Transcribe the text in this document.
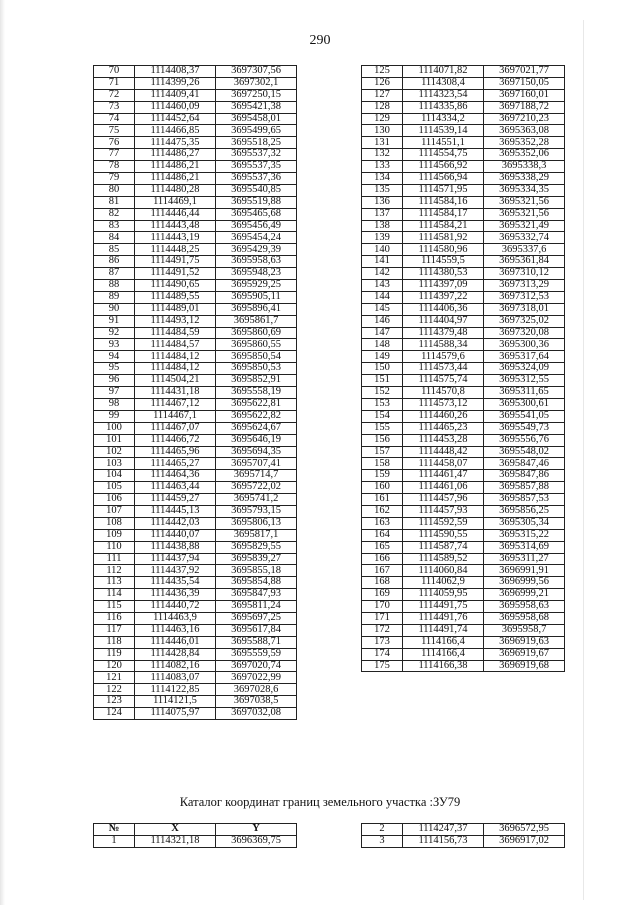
290
70	1114408,37	3697307,56
71	1114399,26	3697302,1
72	1114409,41	3697250,15
73	1114460,09	3695421,38
74	1114452,64	3695458,01
75	1114466,85	3695499,65
76	1114475,35	3695518,25
77	1114486,27	3695537,32
78	1114486,21	3695537,35
79	1114486,21	3695537,36
80	1114480,28	3695540,85
81	1114469,1	3695519,88
82	1114446,44	3695465,68
83	1114443,48	3695456,49
84	1114443,19	3695454,24
85	1114448,25	3695429,39
86	1114491,75	3695958,63
87	1114491,52	3695948,23
88	1114490,65	3695929,25
89	1114489,55	3695905,11
90	1114489,01	3695896,41
91	1114493,12	3695861,7
92	1114484,59	3695860,69
93	1114484,57	3695860,55
94	1114484,12	3695850,54
95	1114484,12	3695850,53
96	1114504,21	3695852,91
97	1114431,18	3695558,19
98	1114467,12	3695622,81
99	1114467,1	3695622,82
100	1114467,07	3695624,67
101	1114466,72	3695646,19
102	1114465,96	3695694,35
103	1114465,27	3695707,41
104	1114464,36	3695714,7
105	1114463,44	3695722,02
106	1114459,27	3695741,2
107	1114445,13	3695793,15
108	1114442,03	3695806,13
109	1114440,07	3695817,1
110	1114438,88	3695829,55
111	1114437,94	3695839,27
112	1114437,92	3695855,18
113	1114435,54	3695854,88
114	1114436,39	3695847,93
115	1114440,72	3695811,24
116	1114463,9	3695697,25
117	1114463,16	3695617,84
118	1114446,01	3695588,71
119	1114428,84	3695559,59
120	1114082,16	3697020,74
121	1114083,07	3697022,99
122	1114122,85	3697028,6
123	1114121,5	3697038,5
124	1114075,97	3697032,08
125	1114071,82	3697021,77
126	1114308,4	3697150,05
127	1114323,54	3697160,01
128	1114335,86	3697188,72
129	1114334,2	3697210,23
130	1114539,14	3695363,08
131	1114551,1	3695352,28
132	1114554,75	3695352,06
133	1114566,92	3695338,3
134	1114566,94	3695338,29
135	1114571,95	3695334,35
136	1114584,16	3695321,56
137	1114584,17	3695321,56
138	1114584,21	3695321,49
139	1114581,92	3695332,74
140	1114580,96	3695337,6
141	1114559,5	3695361,84
142	1114380,53	3697310,12
143	1114397,09	3697313,29
144	1114397,22	3697312,53
145	1114406,36	3697318,01
146	1114404,97	3697325,02
147	1114379,48	3697320,08
148	1114588,34	3695300,36
149	1114579,6	3695317,64
150	1114573,44	3695324,09
151	1114575,74	3695312,55
152	1114570,8	3695311,65
153	1114573,12	3695300,61
154	1114460,26	3695541,05
155	1114465,23	3695549,73
156	1114453,28	3695556,76
157	1114448,42	3695548,02
158	1114458,07	3695847,46
159	1114461,47	3695847,86
160	1114461,06	3695857,88
161	1114457,96	3695857,53
162	1114457,93	3695856,25
163	1114592,59	3695305,34
164	1114590,55	3695315,22
165	1114587,74	3695314,69
166	1114589,52	3695311,27
167	1114060,84	3696991,91
168	1114062,9	3696999,56
169	1114059,95	3696999,21
170	1114491,75	3695958,63
171	1114491,76	3695958,68
172	1114491,74	3695958,7
173	1114166,4	3696919,63
174	1114166,4	3696919,67
175	1114166,38	3696919,68
Каталог координат границ земельного участка :ЗУ79
№	X	Y
1	1114321,18	3696369,75
2	1114247,37	3696572,95
3	1114156,73	3696917,02
